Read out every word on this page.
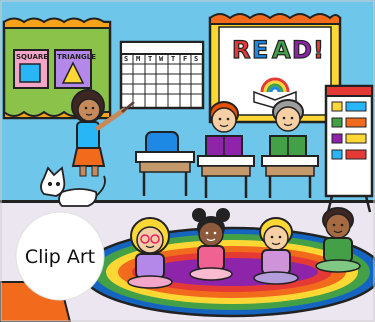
SQUARE TRIANGLE	S M T W T F S R E A D !
Clip Art
